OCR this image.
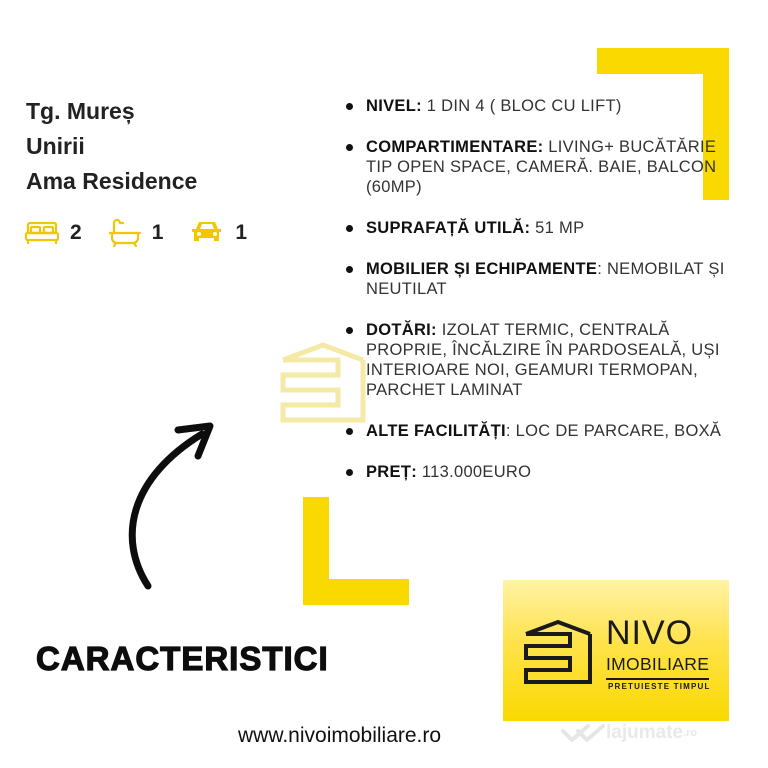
Tg. Mureș
Unirii
Ama Residence
2	1	1
NIVEL: 1 DIN 4 ( BLOC CU LIFT)
COMPARTIMENTARE: LIVING+ BUCĂTĂRIE TIP OPEN SPACE, CAMERĂ. BAIE, BALCON (60MP)
SUPRAFAȚĂ UTILĂ: 51 MP
MOBILIER ȘI ECHIPAMENTE: NEMOBILAT ȘI NEUTILAT
DOTĂRI: IZOLAT TERMIC, CENTRALĂ PROPRIE, ÎNCĂLZIRE ÎN PARDOSEALĂ, UȘI INTERIOARE NOI, GEAMURI TERMOPAN, PARCHET LAMINAT
ALTE FACILITĂȚI: LOC DE PARCARE, BOXĂ
PREȚ: 113.000EURO
CARACTERISTICI
NIVO
IMOBILIARE
PRETUIESTE TIMPUL
www.nivoimobiliare.ro	lajumate .ro
